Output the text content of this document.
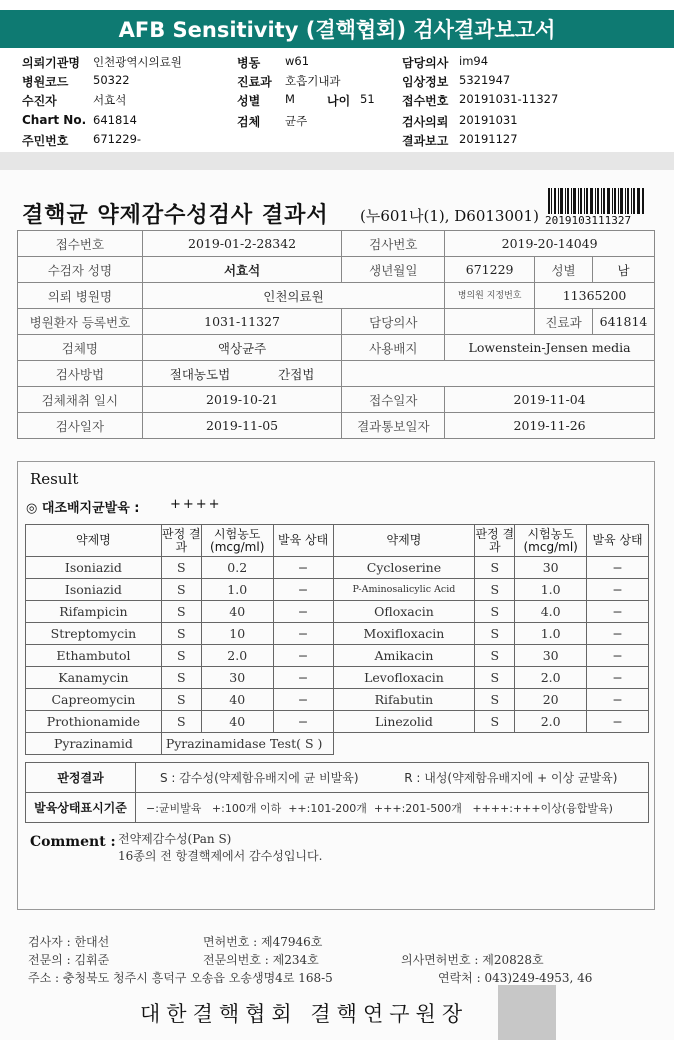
AFB Sensitivity (결핵협회) 검사결과보고서
의뢰기관명 인천광역시의료원	병동 w61	담당의사 im94
병원코드 50322	진료과 호흡기내과	임상정보 5321947
수진자	서효석	성별 M	나이 51 접수번호 20191031-11327
Chart No. 641814	검체 균주	검사의뢰 20191031
주민번호 671229-	결과보고 20191127
결핵균 약제감수성검사 결과서 (누601나(1), D6013001) 2019103111327
접수번호	2019-01-2-28342	검사번호	2019-20-14049		
수검자 성명	서효석	생년월일	671229	성별	남
의뢰 병원명	인천의료원		병의원 지정번호	11365200	
병원환자 등록번호	1031-11327	담당의사		진료과	641814
검체명	액상균주	사용배지	Lowenstein-Jensen media		
검사방법	절대농도법 간접법				
검체채취 일시	2019-10-21	접수일자	2019-11-04		
검사일자	2019-11-05	결과통보일자	2019-11-26		
Result
◎ 대조배지균발육 : ++++
약제명	판정 결과	시험농도 (mcg/ml)	발육 상태	약제명	판정 결과	시험농도 (mcg/ml)	발육 상태
Isoniazid	S	0.2	−	Cycloserine	S	30	−
Isoniazid	S	1.0	−	P-Aminosalicylic Acid	S	1.0	−
Rifampicin	S	40	−	Ofloxacin	S	4.0	−
Streptomycin	S	10	−	Moxifloxacin	S	1.0	−
Ethambutol	S	2.0	−	Amikacin	S	30	−
Kanamycin	S	30	−	Levofloxacin	S	2.0	−
Capreomycin	S	40	−	Rifabutin	S	20	−
Prothionamide	S	40	−	Linezolid	S	2.0	−
Pyrazinamid	Pyrazinamidase Test( S )						
판정결과	S : 감수성(약제함유배지에 균 비발육) R : 내성(약제함유배지에 + 이상 균발육)
발육상태표시기준	−:균비발육   +:100개 이하  ++:101-200개  +++:201-500개   ++++:+++이상(융합발육)
Comment : 전약제감수성(Pan S)
16종의 전 항결핵제에서 감수성입니다.
검사자 : 한대선	면허번호 : 제47946호
전문의 : 김휘준	전문의번호 : 제234호	의사면허번호 : 제20828호
주소 : 충청북도 청주시 흥덕구 오송읍 오송생명4로 168-5	연락처 : 043)249-4953, 46
대한결핵협회 결핵연구원장
